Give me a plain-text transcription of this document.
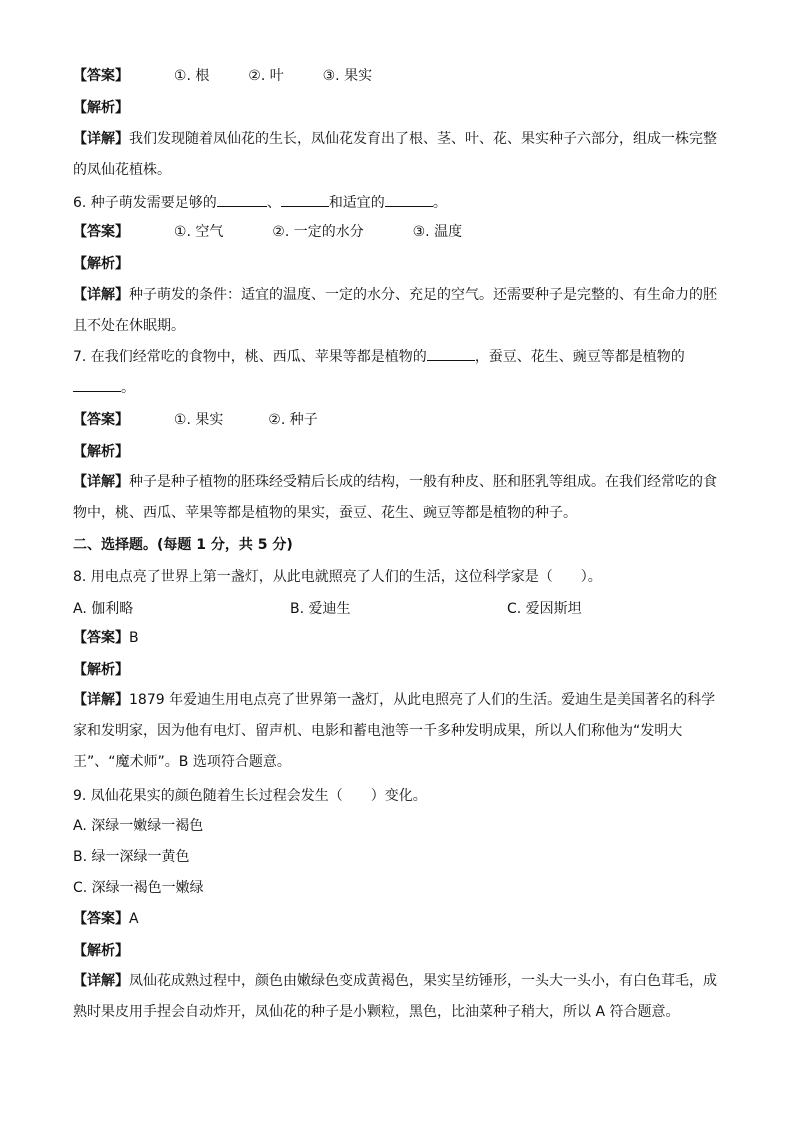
【答案】	①. 根	②. 叶	③. 果实
【解析】
【详解】我们发现随着凤仙花的生长，凤仙花发育出了根、茎、叶、花、果实种子六部分，组成一株完整的凤仙花植株。
6. 种子萌发需要足够的	、	和适宜的	。
【答案】	①. 空气	②. 一定的水分	③. 温度
【解析】
【详解】种子萌发的条件：适宜的温度、一定的水分、充足的空气。还需要种子是完整的、有生命力的胚且不处在休眠期。
7. 在我们经常吃的食物中，桃、西瓜、苹果等都是植物的	，蚕豆、花生、豌豆等都是植物的。
【答案】	①. 果实	②. 种子
【解析】
【详解】种子是种子植物的胚珠经受精后长成的结构，一般有种皮、胚和胚乳等组成。在我们经常吃的食物中，桃、西瓜、苹果等都是植物的果实，蚕豆、花生、豌豆等都是植物的种子。
二、选择题。(每题 1 分，共 5 分)
8. 用电点亮了世界上第一盏灯，从此电就照亮了人们的生活，这位科学家是（　　）。
A. 伽利略	B. 爱迪生	C. 爱因斯坦
【答案】B
【解析】
【详解】1879 年爱迪生用电点亮了世界第一盏灯，从此电照亮了人们的生活。爱迪生是美国著名的科学家和发明家，因为他有电灯、留声机、电影和蓄电池等一千多种发明成果，所以人们称他为“发明大王”、“魔术师”。B 选项符合题意。
9. 凤仙花果实的颜色随着生长过程会发生（　　）变化。
A. 深绿一嫩绿一褐色
B. 绿一深绿一黄色
C. 深绿一褐色一嫩绿
【答案】A
【解析】
【详解】凤仙花成熟过程中，颜色由嫩绿色变成黄褐色，果实呈纺锤形，一头大一头小，有白色茸毛，成熟时果皮用手捏会自动炸开，凤仙花的种子是小颗粒，黑色，比油菜种子稍大，所以 A 符合题意。
